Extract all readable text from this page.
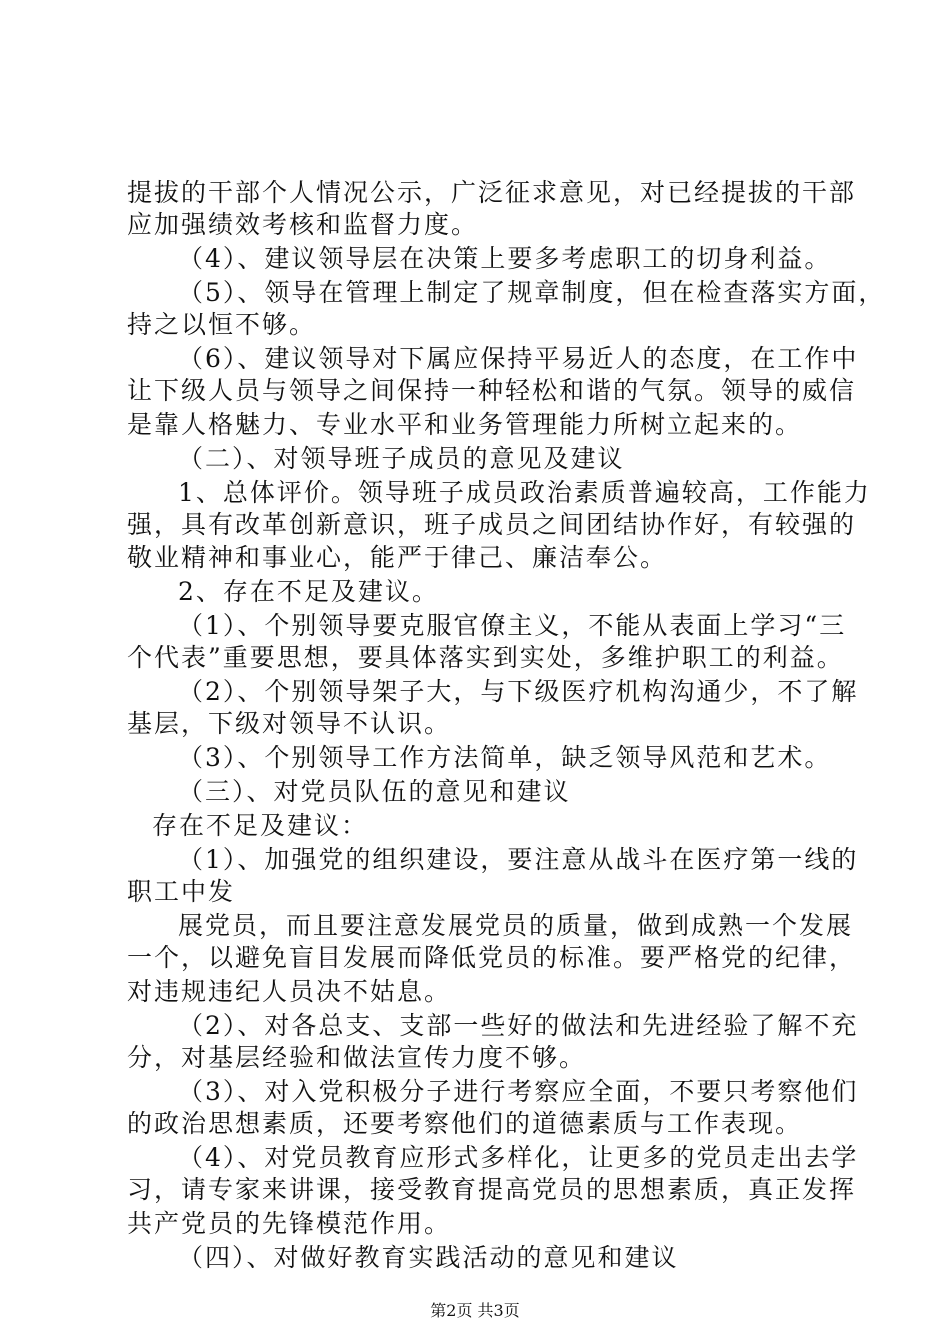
提拔的干部个人情况公示，广泛征求意见，对已经提拔的干部
应加强绩效考核和监督力度。
（4）、建议领导层在决策上要多考虑职工的切身利益。
（5）、领导在管理上制定了规章制度，但在检查落实方面，
持之以恒不够。
（6）、建议领导对下属应保持平易近人的态度，在工作中
让下级人员与领导之间保持一种轻松和谐的气氛。领导的威信
是靠人格魅力、专业水平和业务管理能力所树立起来的。
（二）、对领导班子成员的意见及建议
1、总体评价。领导班子成员政治素质普遍较高，工作能力
强，具有改革创新意识，班子成员之间团结协作好，有较强的
敬业精神和事业心，能严于律己、廉洁奉公。
2、存在不足及建议。
（1）、个别领导要克服官僚主义，不能从表面上学习“三
个代表”重要思想，要具体落实到实处，多维护职工的利益。
（2）、个别领导架子大，与下级医疗机构沟通少，不了解
基层，下级对领导不认识。
（3）、个别领导工作方法简单，缺乏领导风范和艺术。
（三）、对党员队伍的意见和建议
存在不足及建议：
（1）、加强党的组织建设，要注意从战斗在医疗第一线的
职工中发
展党员，而且要注意发展党员的质量，做到成熟一个发展
一个，以避免盲目发展而降低党员的标准。要严格党的纪律，
对违规违纪人员决不姑息。
（2）、对各总支、支部一些好的做法和先进经验了解不充
分，对基层经验和做法宣传力度不够。
（3）、对入党积极分子进行考察应全面，不要只考察他们
的政治思想素质，还要考察他们的道德素质与工作表现。
（4）、对党员教育应形式多样化，让更多的党员走出去学
习，请专家来讲课，接受教育提高党员的思想素质，真正发挥
共产党员的先锋模范作用。
（四）、对做好教育实践活动的意见和建议
第2页 共3页
